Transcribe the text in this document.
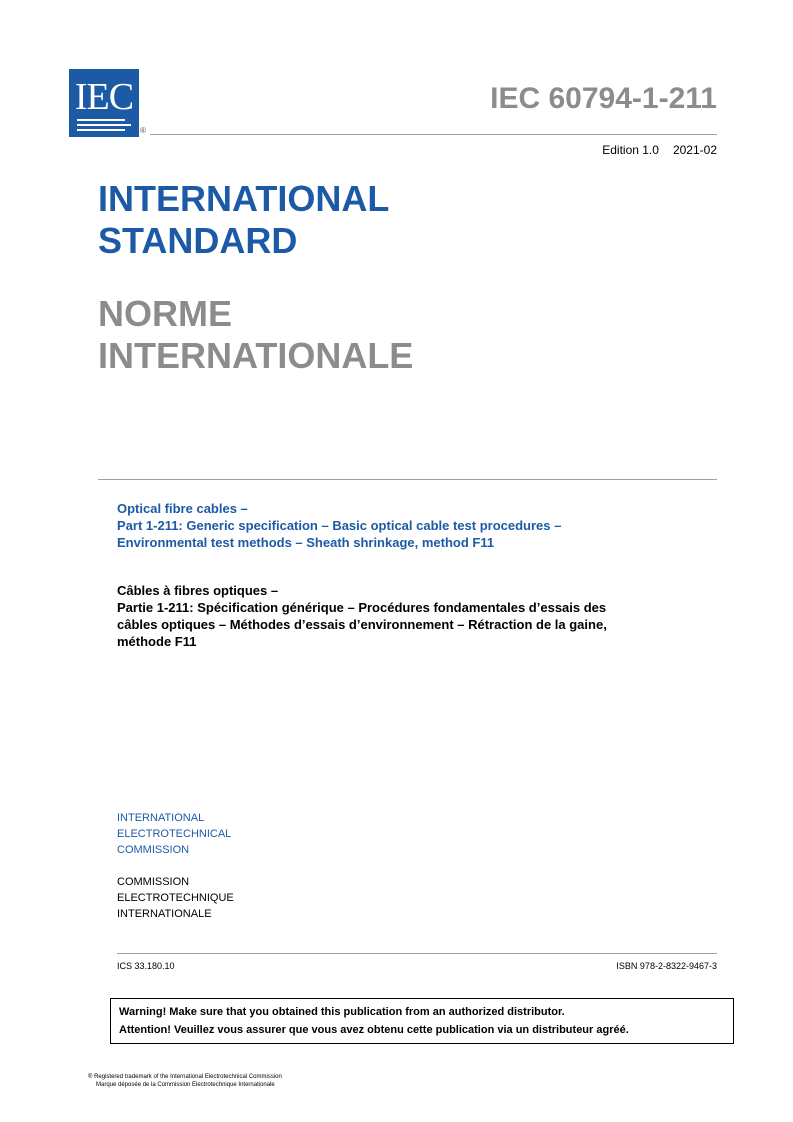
IEC
®
IEC 60794-1-211
Edition 1.0 2021-02
INTERNATIONAL
STANDARD
NORME
INTERNATIONALE
Optical fibre cables –
Part 1-211: Generic specification – Basic optical cable test procedures –
Environmental test methods – Sheath shrinkage, method F11
Câbles à fibres optiques –
Partie 1-211: Spécification générique – Procédures fondamentales d’essais des
câbles optiques – Méthodes d’essais d’environnement – Rétraction de la gaine,
méthode F11
INTERNATIONAL
ELECTROTECHNICAL
COMMISSION
COMMISSION
ELECTROTECHNIQUE
INTERNATIONALE
ICS 33.180.10	ISBN 978-2-8322-9467-3
Warning! Make sure that you obtained this publication from an authorized distributor.
Attention! Veuillez vous assurer que vous avez obtenu cette publication via un distributeur agréé.
® Registered trademark of the International Electrotechnical Commission
Marque déposée de la Commission Electrotechnique Internationale
